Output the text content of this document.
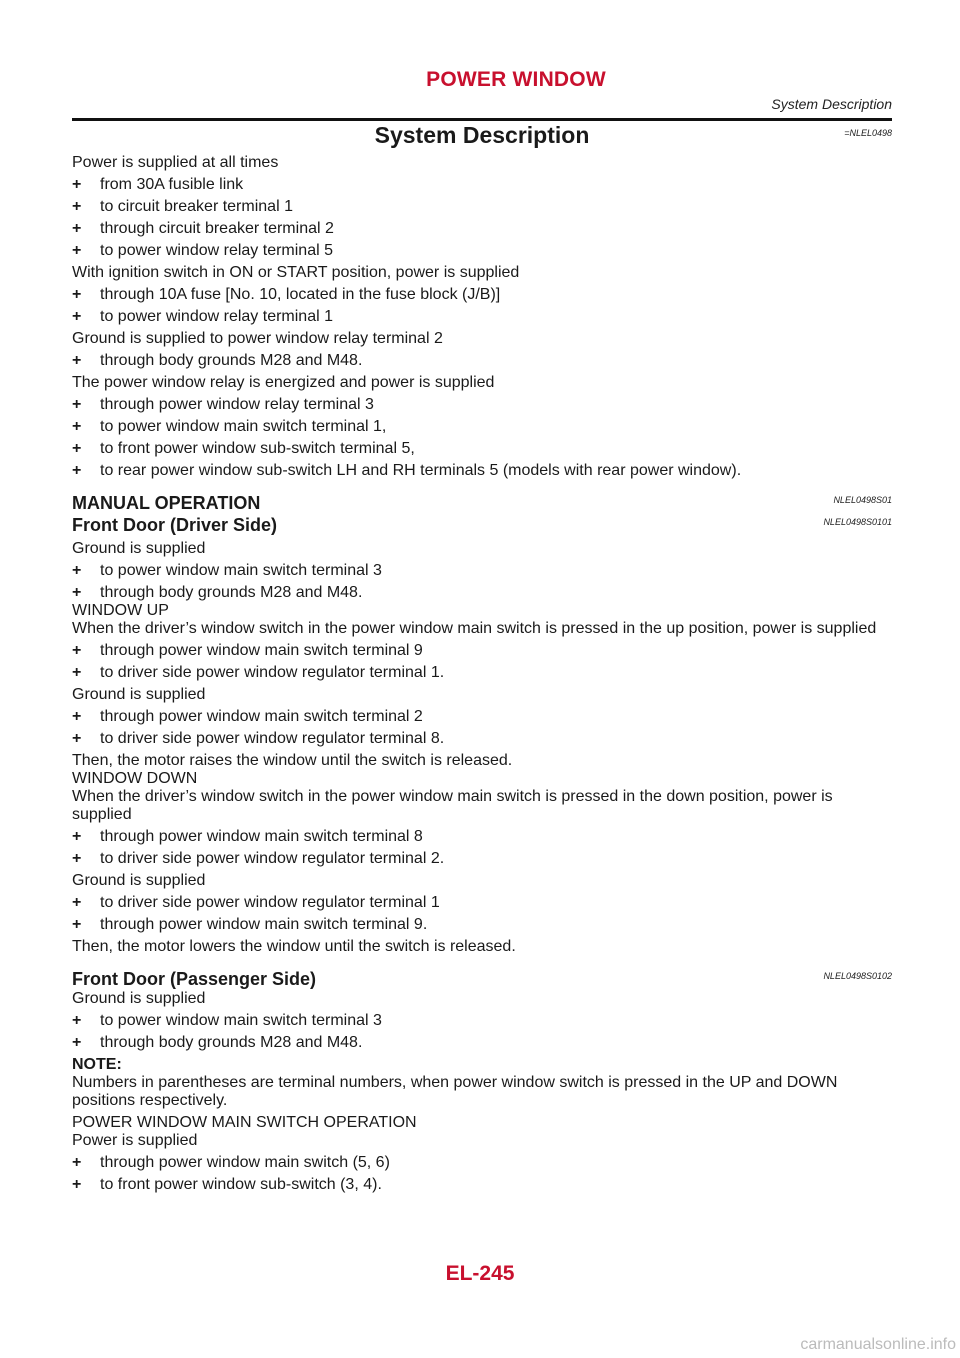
POWER WINDOW
System Description
System Description	=NLEL0498

Power is supplied at all times

+	from 30A fusible link
+	to circuit breaker terminal 1
+	through circuit breaker terminal 2
+	to power window relay terminal 5

With ignition switch in ON or START position, power is supplied

+	through 10A fuse [No. 10, located in the fuse block (J/B)]
+	to power window relay terminal 1

Ground is supplied to power window relay terminal 2

+	through body grounds M28 and M48.

The power window relay is energized and power is supplied

+	through power window relay terminal 3
+	to power window main switch terminal 1,
+	to front power window sub-switch terminal 5,
+	to rear power window sub-switch LH and RH terminals 5 (models with rear power window).
MANUAL OPERATION	NLEL0498S01
Front Door (Driver Side)	NLEL0498S0101

Ground is supplied

+	to power window main switch terminal 3
+	through body grounds M28 and M48.

WINDOW UP

When the driver’s window switch in the power window main switch is pressed in the up position, power is supplied

+	through power window main switch terminal 9
+	to driver side power window regulator terminal 1.

Ground is supplied

+	through power window main switch terminal 2
+	to driver side power window regulator terminal 8.

Then, the motor raises the window until the switch is released.

WINDOW DOWN

When the driver’s window switch in the power window main switch is pressed in the down position, power is supplied

+	through power window main switch terminal 8
+	to driver side power window regulator terminal 2.

Ground is supplied

+	to driver side power window regulator terminal 1
+	through power window main switch terminal 9.

Then, the motor lowers the window until the switch is released.

Front Door (Passenger Side)	NLEL0498S0102

Ground is supplied

+	to power window main switch terminal 3
+	through body grounds M28 and M48.

NOTE:

Numbers in parentheses are terminal numbers, when power window switch is pressed in the UP and DOWN positions respectively.

POWER WINDOW MAIN SWITCH OPERATION

Power is supplied

+	through power window main switch (5, 6)
+	to front power window sub-switch (3, 4).
EL-245
carmanualsonline.info
